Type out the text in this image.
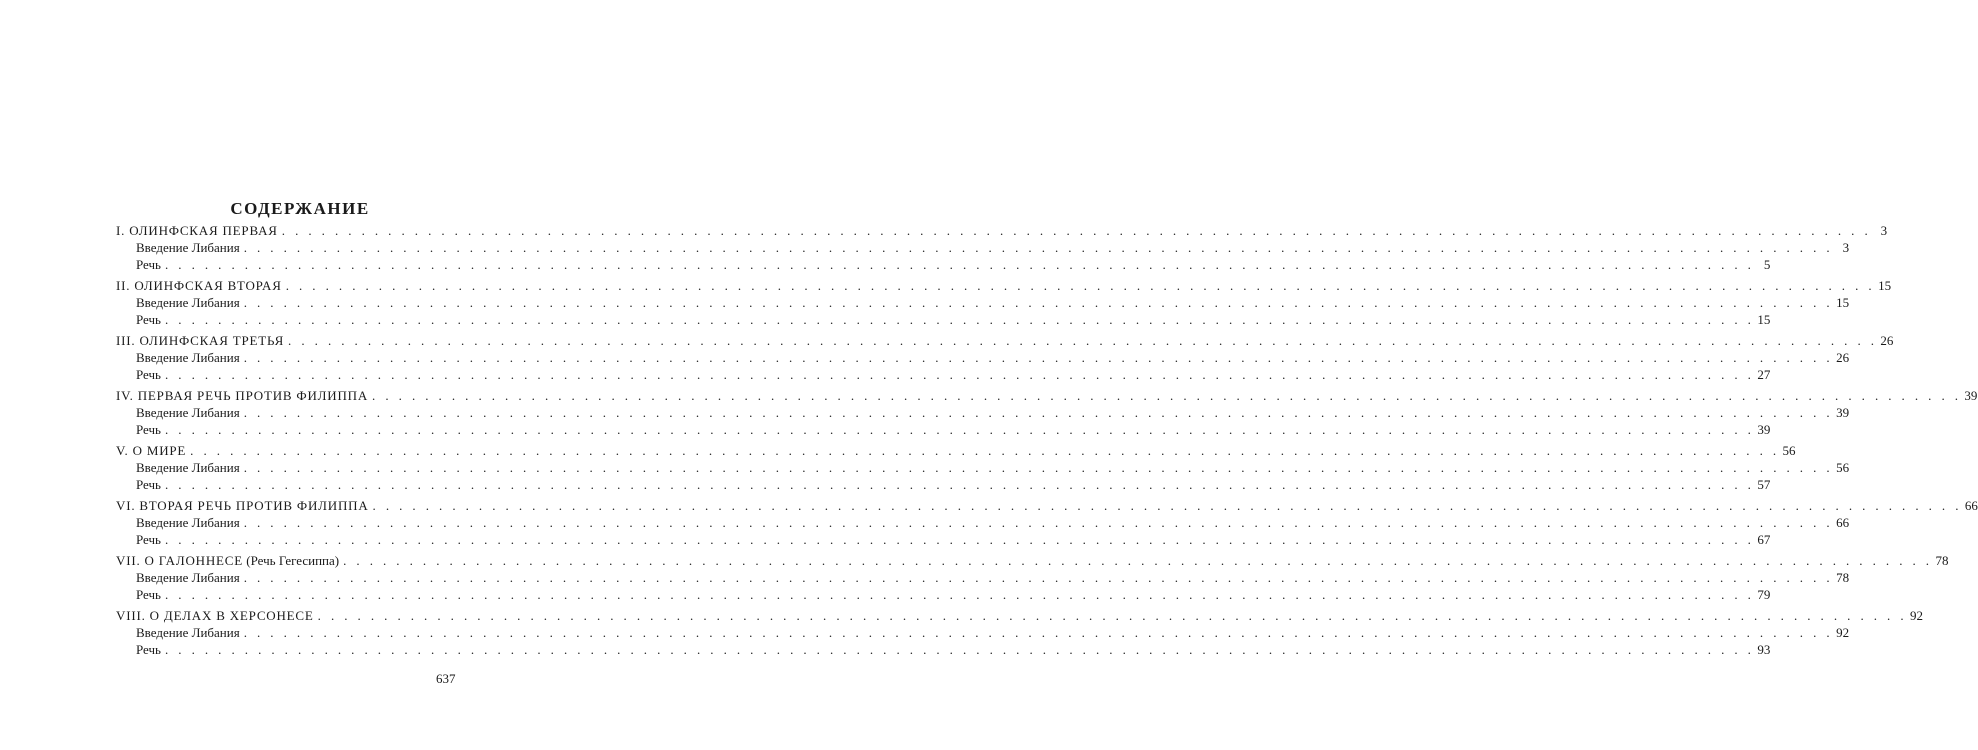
СОДЕРЖАНИЕ
I. ОЛИНФСКАЯ ПЕРВАЯ . . . . . . . . . . . . . . . . . . . . . . . . . . . . . . . . . . . . . . . . . . . . . . . . . . . . . . . . . . . . . . . . . . . . . . . . . . . . . . . . . . . . . . . . . . . . . . . . . . . . . . . . . . . . . . . . . . . . . . . . 3
Введение Либания . . . . . . . . . . . . . . . . . . . . . . . . . . . . . . . . . . . . . . . . . . . . . . . . . . . . . . . . . . . . . . . . . . . . . . . . . . . . . . . . . . . . . . . . . . . . . . . . . . . . . . . . . . . . . . . . . . . . . . . . 3
Речь . . . . . . . . . . . . . . . . . . . . . . . . . . . . . . . . . . . . . . . . . . . . . . . . . . . . . . . . . . . . . . . . . . . . . . . . . . . . . . . . . . . . . . . . . . . . . . . . . . . . . . . . . . . . . . . . . . . . . . . . 5
II. ОЛИНФСКАЯ ВТОРАЯ . . . . . . . . . . . . . . . . . . . . . . . . . . . . . . . . . . . . . . . . . . . . . . . . . . . . . . . . . . . . . . . . . . . . . . . . . . . . . . . . . . . . . . . . . . . . . . . . . . . . . . . . . . . . . . . . . . . . . . . . 15
Введение Либания . . . . . . . . . . . . . . . . . . . . . . . . . . . . . . . . . . . . . . . . . . . . . . . . . . . . . . . . . . . . . . . . . . . . . . . . . . . . . . . . . . . . . . . . . . . . . . . . . . . . . . . . . . . . . . . . . . . . . . . . 15
Речь . . . . . . . . . . . . . . . . . . . . . . . . . . . . . . . . . . . . . . . . . . . . . . . . . . . . . . . . . . . . . . . . . . . . . . . . . . . . . . . . . . . . . . . . . . . . . . . . . . . . . . . . . . . . . . . . . . . . . . . . 15
III. ОЛИНФСКАЯ ТРЕТЬЯ . . . . . . . . . . . . . . . . . . . . . . . . . . . . . . . . . . . . . . . . . . . . . . . . . . . . . . . . . . . . . . . . . . . . . . . . . . . . . . . . . . . . . . . . . . . . . . . . . . . . . . . . . . . . . . . . . . . . . . . . 26
Введение Либания . . . . . . . . . . . . . . . . . . . . . . . . . . . . . . . . . . . . . . . . . . . . . . . . . . . . . . . . . . . . . . . . . . . . . . . . . . . . . . . . . . . . . . . . . . . . . . . . . . . . . . . . . . . . . . . . . . . . . . . . 26
Речь . . . . . . . . . . . . . . . . . . . . . . . . . . . . . . . . . . . . . . . . . . . . . . . . . . . . . . . . . . . . . . . . . . . . . . . . . . . . . . . . . . . . . . . . . . . . . . . . . . . . . . . . . . . . . . . . . . . . . . . . 27
IV. ПЕРВАЯ РЕЧЬ ПРОТИВ ФИЛИППА . . . . . . . . . . . . . . . . . . . . . . . . . . . . . . . . . . . . . . . . . . . . . . . . . . . . . . . . . . . . . . . . . . . . . . . . . . . . . . . . . . . . . . . . . . . . . . . . . . . . . . . . . . . . . . . . . . . . . . . . 39
Введение Либания . . . . . . . . . . . . . . . . . . . . . . . . . . . . . . . . . . . . . . . . . . . . . . . . . . . . . . . . . . . . . . . . . . . . . . . . . . . . . . . . . . . . . . . . . . . . . . . . . . . . . . . . . . . . . . . . . . . . . . . . 39
Речь . . . . . . . . . . . . . . . . . . . . . . . . . . . . . . . . . . . . . . . . . . . . . . . . . . . . . . . . . . . . . . . . . . . . . . . . . . . . . . . . . . . . . . . . . . . . . . . . . . . . . . . . . . . . . . . . . . . . . . . . 39
V. О МИРЕ . . . . . . . . . . . . . . . . . . . . . . . . . . . . . . . . . . . . . . . . . . . . . . . . . . . . . . . . . . . . . . . . . . . . . . . . . . . . . . . . . . . . . . . . . . . . . . . . . . . . . . . . . . . . . . . . . . . . . . . . 56
Введение Либания . . . . . . . . . . . . . . . . . . . . . . . . . . . . . . . . . . . . . . . . . . . . . . . . . . . . . . . . . . . . . . . . . . . . . . . . . . . . . . . . . . . . . . . . . . . . . . . . . . . . . . . . . . . . . . . . . . . . . . . . 56
Речь . . . . . . . . . . . . . . . . . . . . . . . . . . . . . . . . . . . . . . . . . . . . . . . . . . . . . . . . . . . . . . . . . . . . . . . . . . . . . . . . . . . . . . . . . . . . . . . . . . . . . . . . . . . . . . . . . . . . . . . . 57
VI. ВТОРАЯ РЕЧЬ ПРОТИВ ФИЛИППА . . . . . . . . . . . . . . . . . . . . . . . . . . . . . . . . . . . . . . . . . . . . . . . . . . . . . . . . . . . . . . . . . . . . . . . . . . . . . . . . . . . . . . . . . . . . . . . . . . . . . . . . . . . . . . . . . . . . . . . . 66
Введение Либания . . . . . . . . . . . . . . . . . . . . . . . . . . . . . . . . . . . . . . . . . . . . . . . . . . . . . . . . . . . . . . . . . . . . . . . . . . . . . . . . . . . . . . . . . . . . . . . . . . . . . . . . . . . . . . . . . . . . . . . . 66
Речь . . . . . . . . . . . . . . . . . . . . . . . . . . . . . . . . . . . . . . . . . . . . . . . . . . . . . . . . . . . . . . . . . . . . . . . . . . . . . . . . . . . . . . . . . . . . . . . . . . . . . . . . . . . . . . . . . . . . . . . . 67
VII. О ГАЛОННЕСЕ (Речь Гегесиппа) . . . . . . . . . . . . . . . . . . . . . . . . . . . . . . . . . . . . . . . . . . . . . . . . . . . . . . . . . . . . . . . . . . . . . . . . . . . . . . . . . . . . . . . . . . . . . . . . . . . . . . . . . . . . . . . . . . . . . . . . 78
Введение Либания . . . . . . . . . . . . . . . . . . . . . . . . . . . . . . . . . . . . . . . . . . . . . . . . . . . . . . . . . . . . . . . . . . . . . . . . . . . . . . . . . . . . . . . . . . . . . . . . . . . . . . . . . . . . . . . . . . . . . . . . 78
Речь . . . . . . . . . . . . . . . . . . . . . . . . . . . . . . . . . . . . . . . . . . . . . . . . . . . . . . . . . . . . . . . . . . . . . . . . . . . . . . . . . . . . . . . . . . . . . . . . . . . . . . . . . . . . . . . . . . . . . . . . 79
VIII. О ДЕЛАХ В ХЕРСОНЕСЕ . . . . . . . . . . . . . . . . . . . . . . . . . . . . . . . . . . . . . . . . . . . . . . . . . . . . . . . . . . . . . . . . . . . . . . . . . . . . . . . . . . . . . . . . . . . . . . . . . . . . . . . . . . . . . . . . . . . . . . . . 92
Введение Либания . . . . . . . . . . . . . . . . . . . . . . . . . . . . . . . . . . . . . . . . . . . . . . . . . . . . . . . . . . . . . . . . . . . . . . . . . . . . . . . . . . . . . . . . . . . . . . . . . . . . . . . . . . . . . . . . . . . . . . . . 92
Речь . . . . . . . . . . . . . . . . . . . . . . . . . . . . . . . . . . . . . . . . . . . . . . . . . . . . . . . . . . . . . . . . . . . . . . . . . . . . . . . . . . . . . . . . . . . . . . . . . . . . . . . . . . . . . . . . . . . . . . . . 93
637
